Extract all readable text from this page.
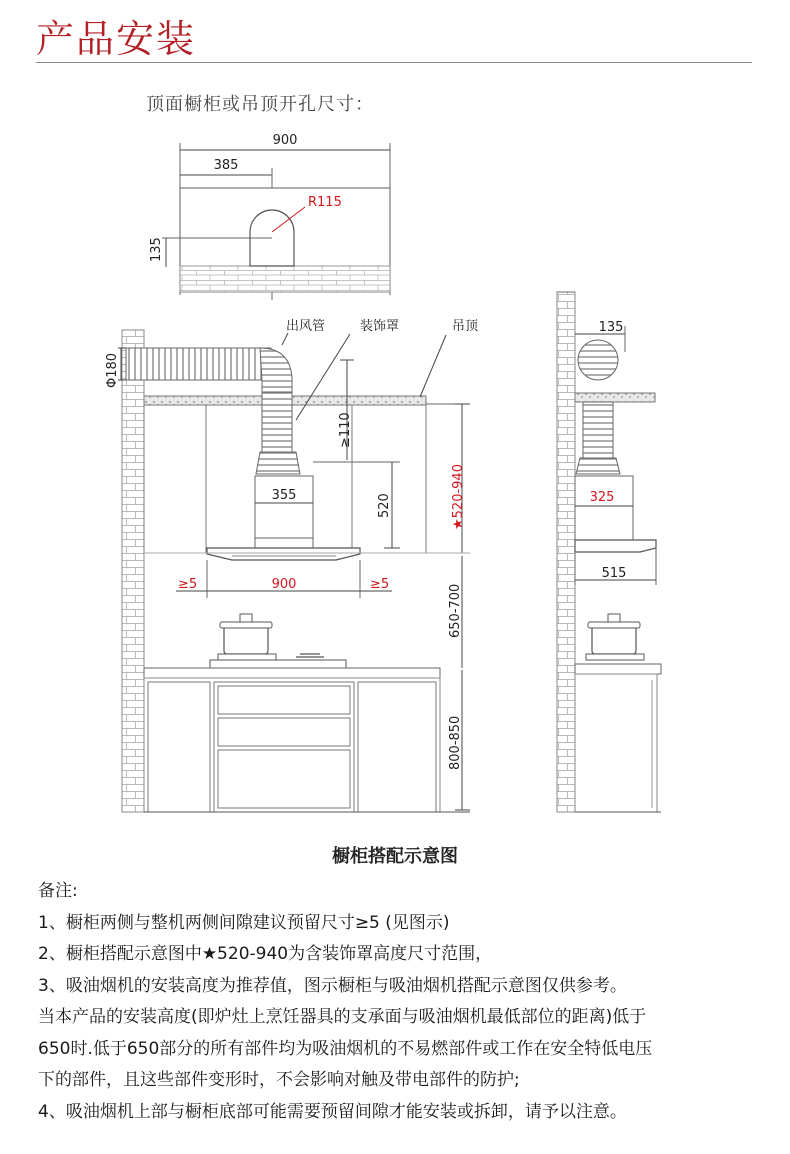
产品安装
顶面橱柜或吊顶开孔尺寸：
900
385
R115
135
Φ180
出风管	装饰罩	吊顶
≥110
355	520	★520-940
900
≥5	≥5	650-700
800-850
135
325
515
橱柜搭配示意图
备注:
1、橱柜两侧与整机两侧间隙建议预留尺寸≥5 (见图示)
2、橱柜搭配示意图中★520-940为含装饰罩高度尺寸范围，
3、吸油烟机的安装高度为推荐值，图示橱柜与吸油烟机搭配示意图仅供参考。
当本产品的安装高度(即炉灶上烹饪器具的支承面与吸油烟机最低部位的距离)低于
650时.低于650部分的所有部件均为吸油烟机的不易燃部件或工作在安全特低电压
下的部件，且这些部件变形时，不会影响对触及带电部件的防护;
4、吸油烟机上部与橱柜底部可能需要预留间隙才能安装或拆卸，请予以注意。
